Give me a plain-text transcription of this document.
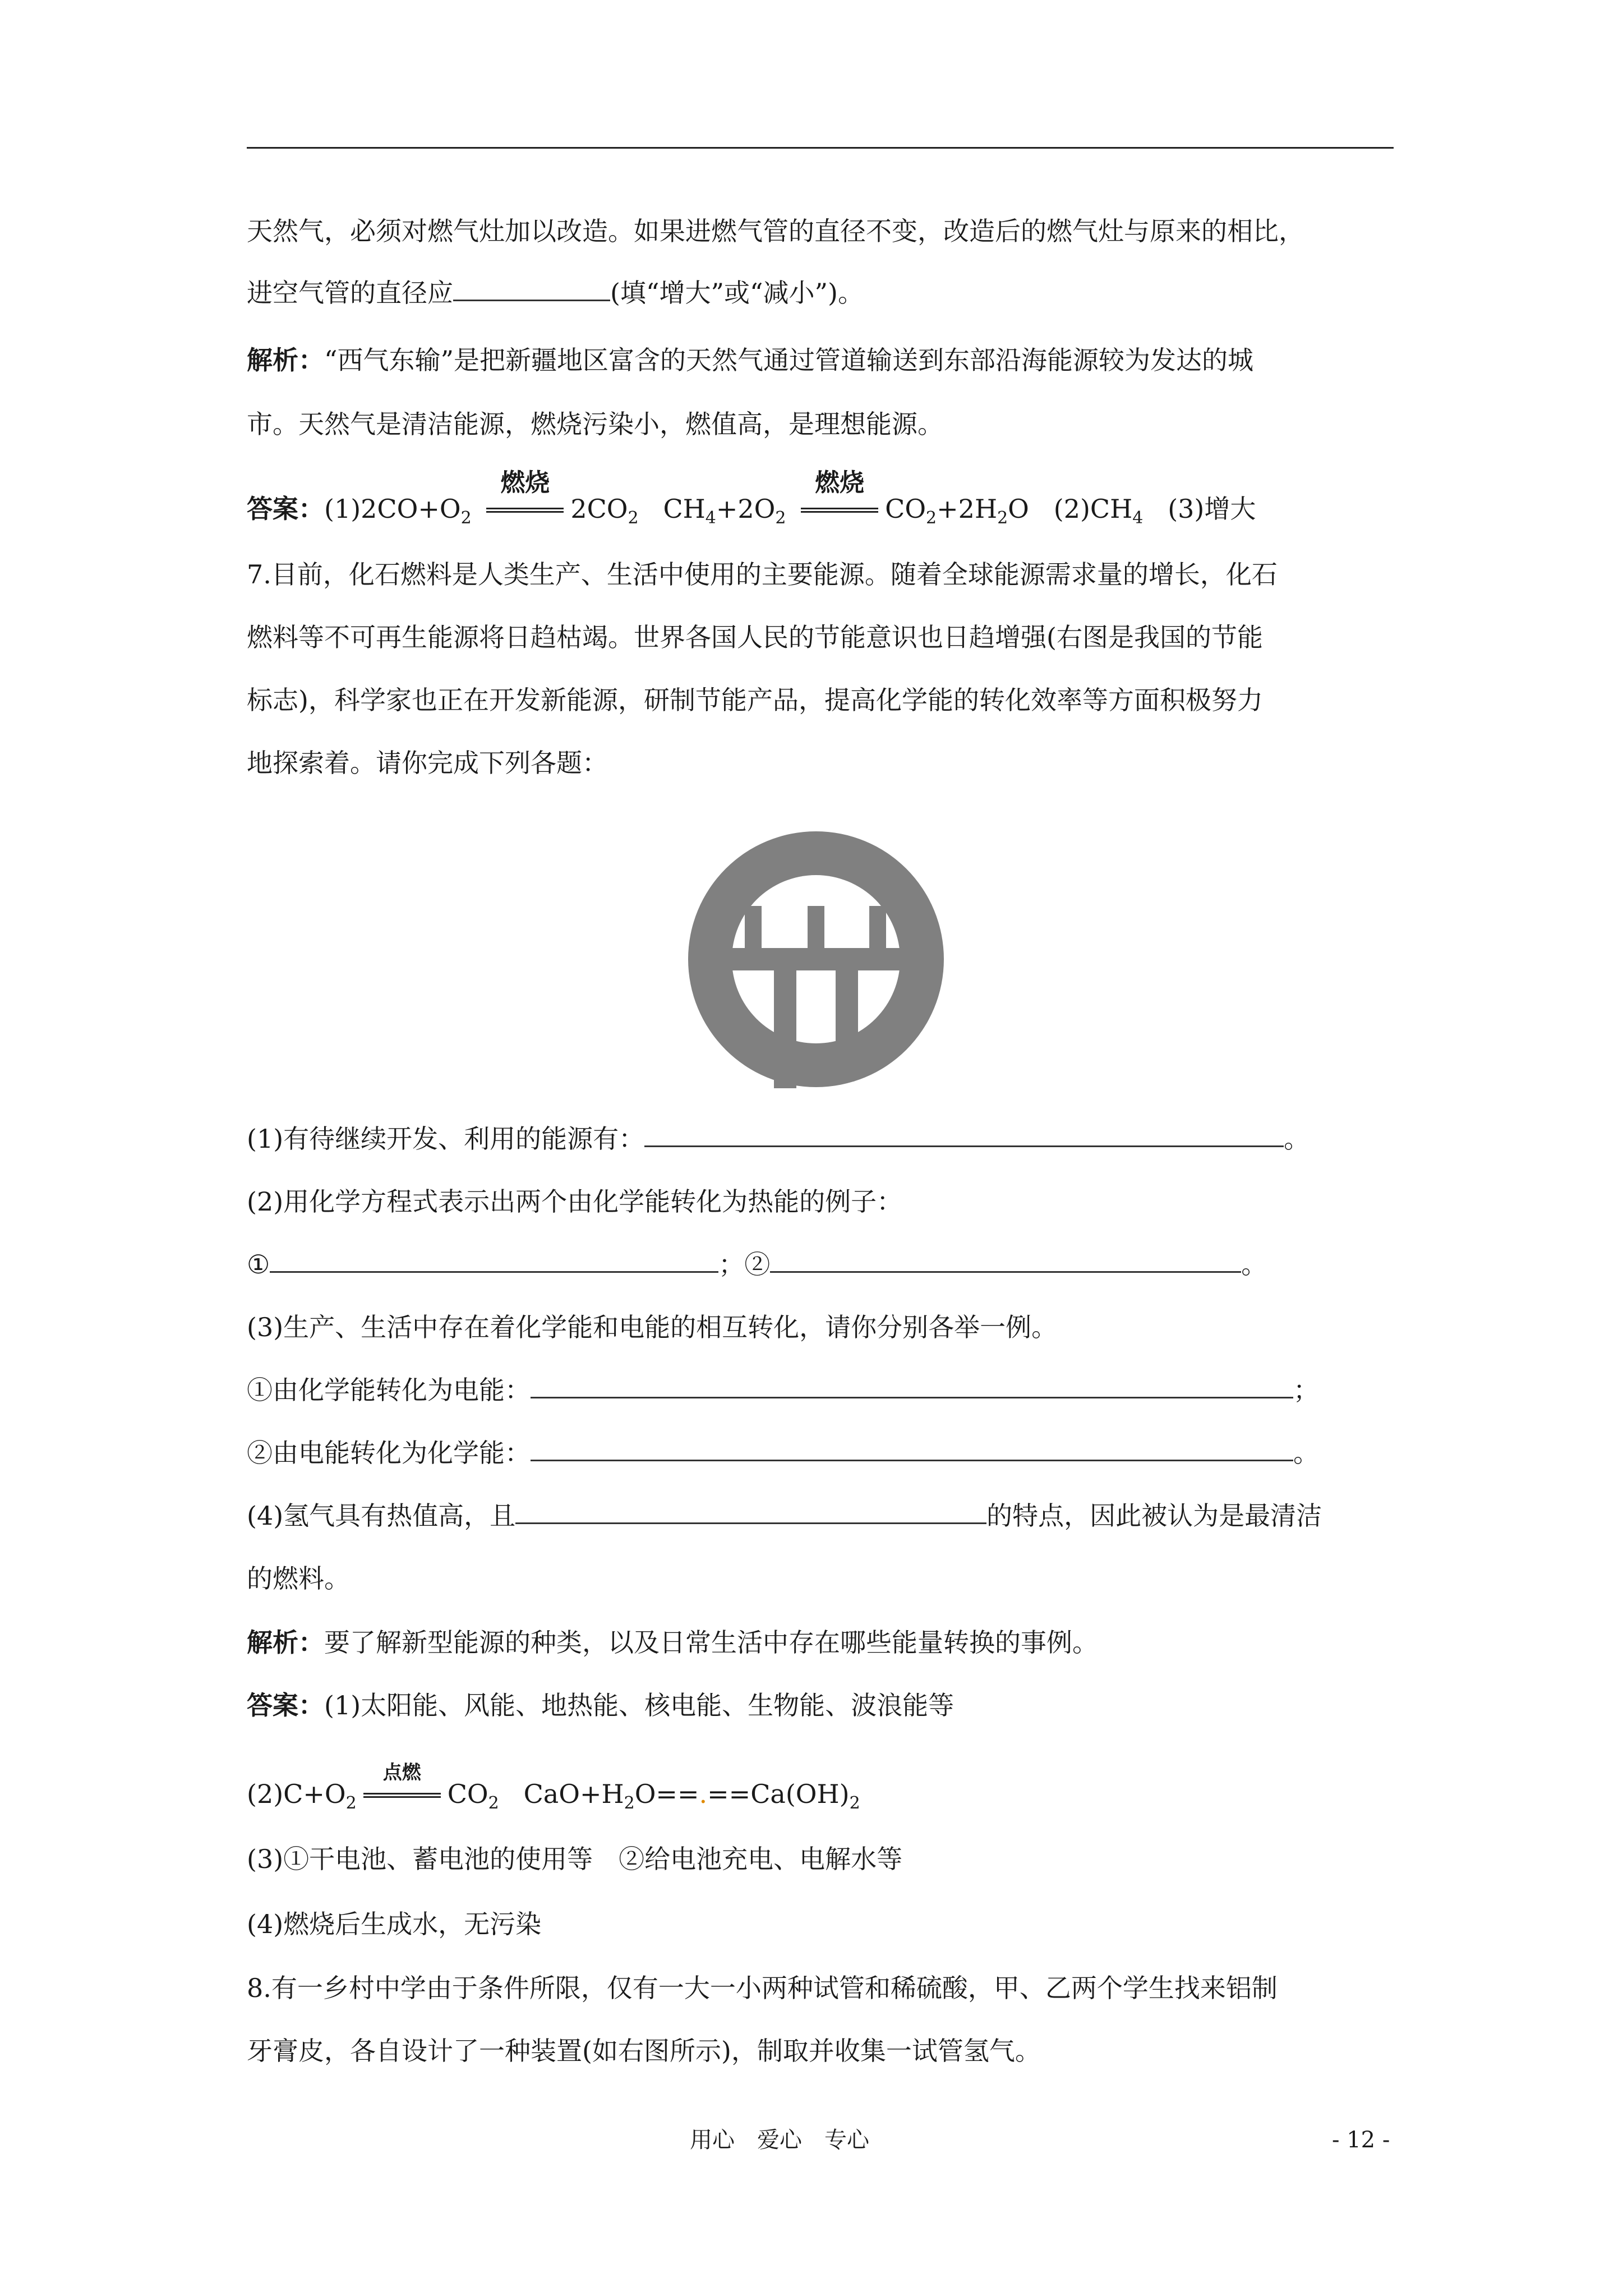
天然气，必须对燃气灶加以改造。如果进燃气管的直径不变，改造后的燃气灶与原来的相比，
进空气管的直径应	(填“增大”或“减小”)。
解析：“西气东输”是把新疆地区富含的天然气通过管道输送到东部沿海能源较为发达的城
市。天然气是清洁能源，燃烧污染小，燃值高，是理想能源。
答案：$(1)2CO+O_2$
燃烧
$2CO_2$ $CH_4+2O_2$
燃烧
$CO_2+2H_2O$ $(2)CH_4$ (3)增大
7.目前，化石燃料是人类生产、生活中使用的主要能源。随着全球能源需求量的增长，化石
燃料等不可再生能源将日趋枯竭。世界各国人民的节能意识也日趋增强(右图是我国的节能
标志)，科学家也正在开发新能源，研制节能产品，提高化学能的转化效率等方面积极努力
地探索着。请你完成下列各题：
(1)有待继续开发、利用的能源有：	。
(2)用化学方程式表示出两个由化学能转化为热能的例子：
①	；②	。
(3)生产、生活中存在着化学能和电能的相互转化，请你分别各举一例。
①由化学能转化为电能：	；
②由电能转化为化学能：	。
(4)氢气具有热值高，且	的特点，因此被认为是最清洁
的燃料。
解析：要了解新型能源的种类，以及日常生活中存在哪些能量转换的事例。
答案：(1)太阳能、风能、地热能、核电能、生物能、波浪能等
$(2)C+O_2$
点燃
$CO_2$ $CaO+H_2O==.==Ca(OH)_2$
(3)①干电池、蓄电池的使用等　②给电池充电、电解水等
(4)燃烧后生成水，无污染
8.有一乡村中学由于条件所限，仅有一大一小两种试管和稀硫酸，甲、乙两个学生找来铝制
牙膏皮，各自设计了一种装置(如右图所示)，制取并收集一试管氢气。
用心　爱心　专心	- 12 -
